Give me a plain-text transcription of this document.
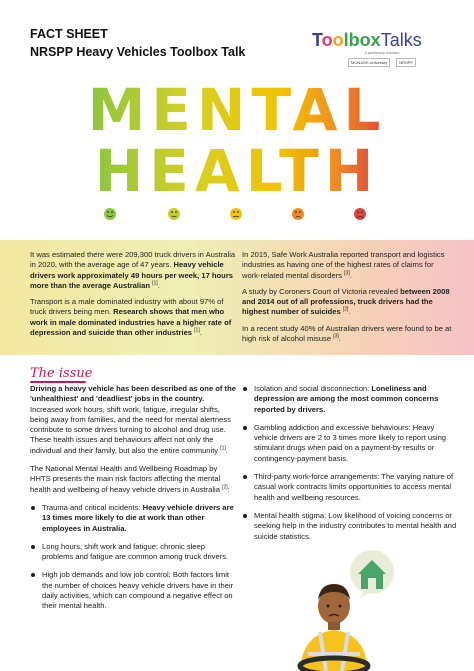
FACT SHEET
NRSPP Heavy Vehicles Toolbox Talk
ToolboxTalks
A partnership between
MONASH University	NRSPP
MENTAL
HEALTH

It was estimated there were 209,300 truck drivers in Australia in 2020, with the average age of 47 years. Heavy vehicle drivers work approximately 49 hours per week, 17 hours more than the average Australian [1].

Transport is a male dominated industry with about 97% of truck drivers being men. Research shows that men who work in male dominated industries have a higher rate of depression and suicide than other industries [1].

In 2015, Safe Work Australia reported transport and logistics industries as having one of the highest rates of claims for work-related mental disorders [3].

A study by Coroners Court of Victoria revealed between 2008 and 2014 out of all professions, truck drivers had the highest number of suicides [2].

In a recent study 40% of Australian drivers were found to be at high risk of alcohol misuse [3].

The issue

Driving a heavy vehicle has been described as one of the 'unhealthiest' and 'deadliest' jobs in the country. Increased work hours, shift work, fatigue, irregular shifts, being away from families, and the need for mental alertness contribute to some drivers turning to alcohol and drug use. These health issues and behaviours affect not only the individual and their family, but also the entire community [1].

The National Mental Health and Wellbeing Roadmap by HHTS presents the main risk factors affecting the mental health and wellbeing of heavy vehicle drivers in Australia [2]:

Trauma and critical incidents: Heavy vehicle drivers are 13 times more likely to die at work than other employees in Australia.
Long hours, shift work and fatigue: chronic sleep problems and fatigue are common among truck drivers.
High job demands and low job control: Both factors limit the number of choices heavy vehicle drivers have in their daily activities, which can compound a negative effect on their mental health.
Isolation and social disconnection: Loneliness and depression are among the most common concerns reported by drivers.
Gambling addiction and excessive behaviours: Heavy vehicle drivers are 2 to 3 times more likely to report using stimulant drugs when paid on a payment-by results or contingency-payment basis.
Third-party work-force arrangements: The varying nature of casual work contracts limits opportunities to access mental health and wellbeing resources.
Mental health stigma: Low likelihood of voicing concerns or seeking help in the industry contributes to mental health and suicide statistics.
